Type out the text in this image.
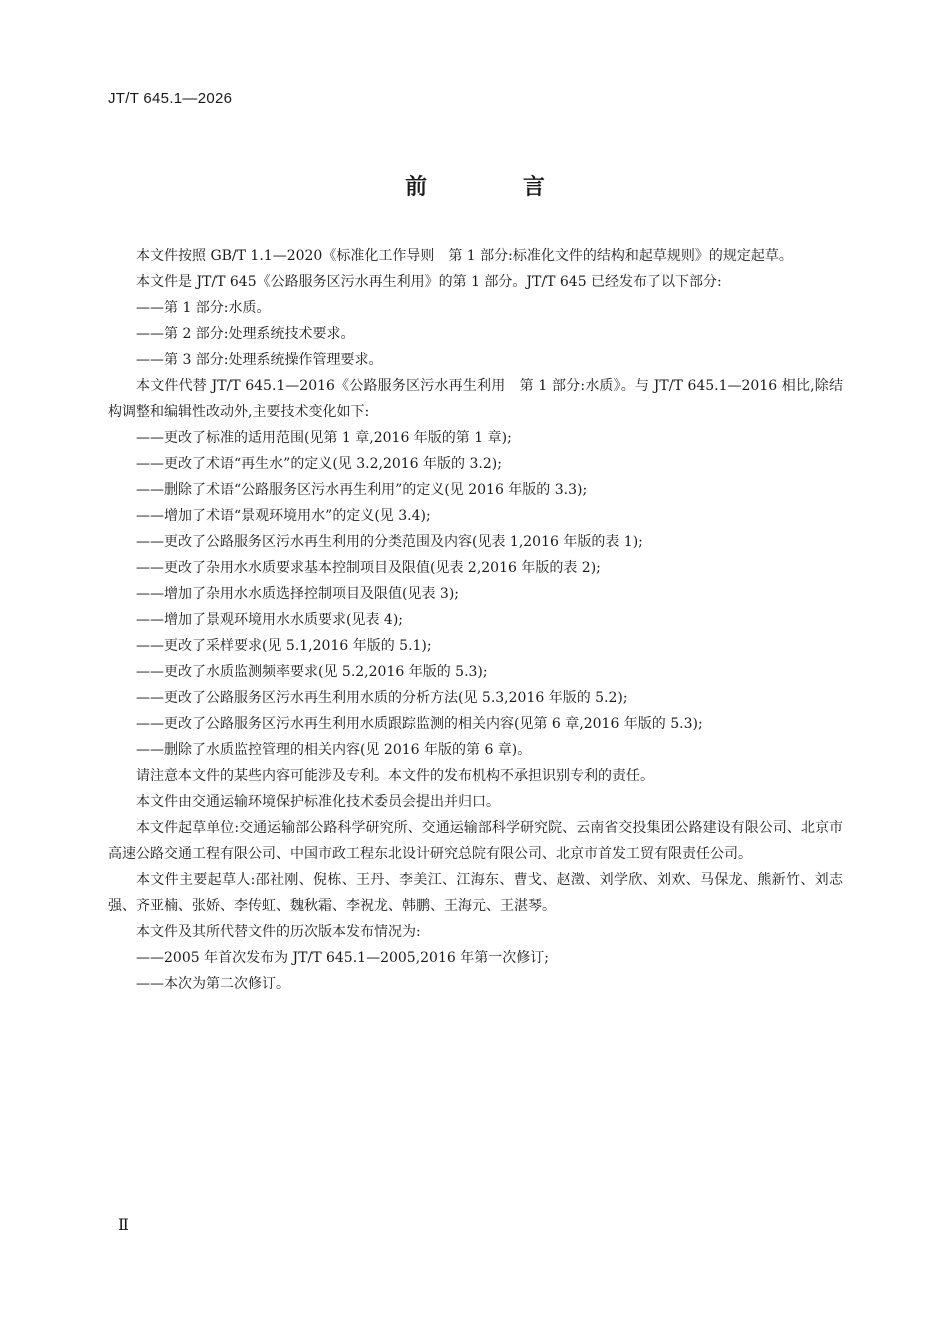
JT/T 645.1—2026
前 言

本文件按照 GB/T 1.1—2020《标准化工作导则　第 1 部分:标准化文件的结构和起草规则》的规定起草。

本文件是 JT/T 645《公路服务区污水再生利用》的第 1 部分。JT/T 645 已经发布了以下部分:

——第 1 部分:水质。

——第 2 部分:处理系统技术要求。

——第 3 部分:处理系统操作管理要求。

本文件代替 JT/T 645.1—2016《公路服务区污水再生利用　第 1 部分:水质》。与 JT/T 645.1—2016 相比,除结构调整和编辑性改动外,主要技术变化如下:

——更改了标准的适用范围(见第 1 章,2016 年版的第 1 章);

——更改了术语“再生水”的定义(见 3.2,2016 年版的 3.2);

——删除了术语“公路服务区污水再生利用”的定义(见 2016 年版的 3.3);

——增加了术语“景观环境用水”的定义(见 3.4);

——更改了公路服务区污水再生利用的分类范围及内容(见表 1,2016 年版的表 1);

——更改了杂用水水质要求基本控制项目及限值(见表 2,2016 年版的表 2);

——增加了杂用水水质选择控制项目及限值(见表 3);

——增加了景观环境用水水质要求(见表 4);

——更改了采样要求(见 5.1,2016 年版的 5.1);

——更改了水质监测频率要求(见 5.2,2016 年版的 5.3);

——更改了公路服务区污水再生利用水质的分析方法(见 5.3,2016 年版的 5.2);

——更改了公路服务区污水再生利用水质跟踪监测的相关内容(见第 6 章,2016 年版的 5.3);

——删除了水质监控管理的相关内容(见 2016 年版的第 6 章)。

请注意本文件的某些内容可能涉及专利。本文件的发布机构不承担识别专利的责任。

本文件由交通运输环境保护标准化技术委员会提出并归口。

本文件起草单位:交通运输部公路科学研究所、交通运输部科学研究院、云南省交投集团公路建设有限公司、北京市高速公路交通工程有限公司、中国市政工程东北设计研究总院有限公司、北京市首发工贸有限责任公司。

本文件主要起草人:邵社刚、倪栋、王丹、李美江、江海东、曹戈、赵澂、刘学欣、刘欢、马保龙、熊新竹、刘志强、齐亚楠、张娇、李传虹、魏秋霜、李祝龙、韩鹏、王海元、王湛琴。

本文件及其所代替文件的历次版本发布情况为:

——2005 年首次发布为 JT/T 645.1—2005,2016 年第一次修订;

——本次为第二次修订。

Ⅱ
